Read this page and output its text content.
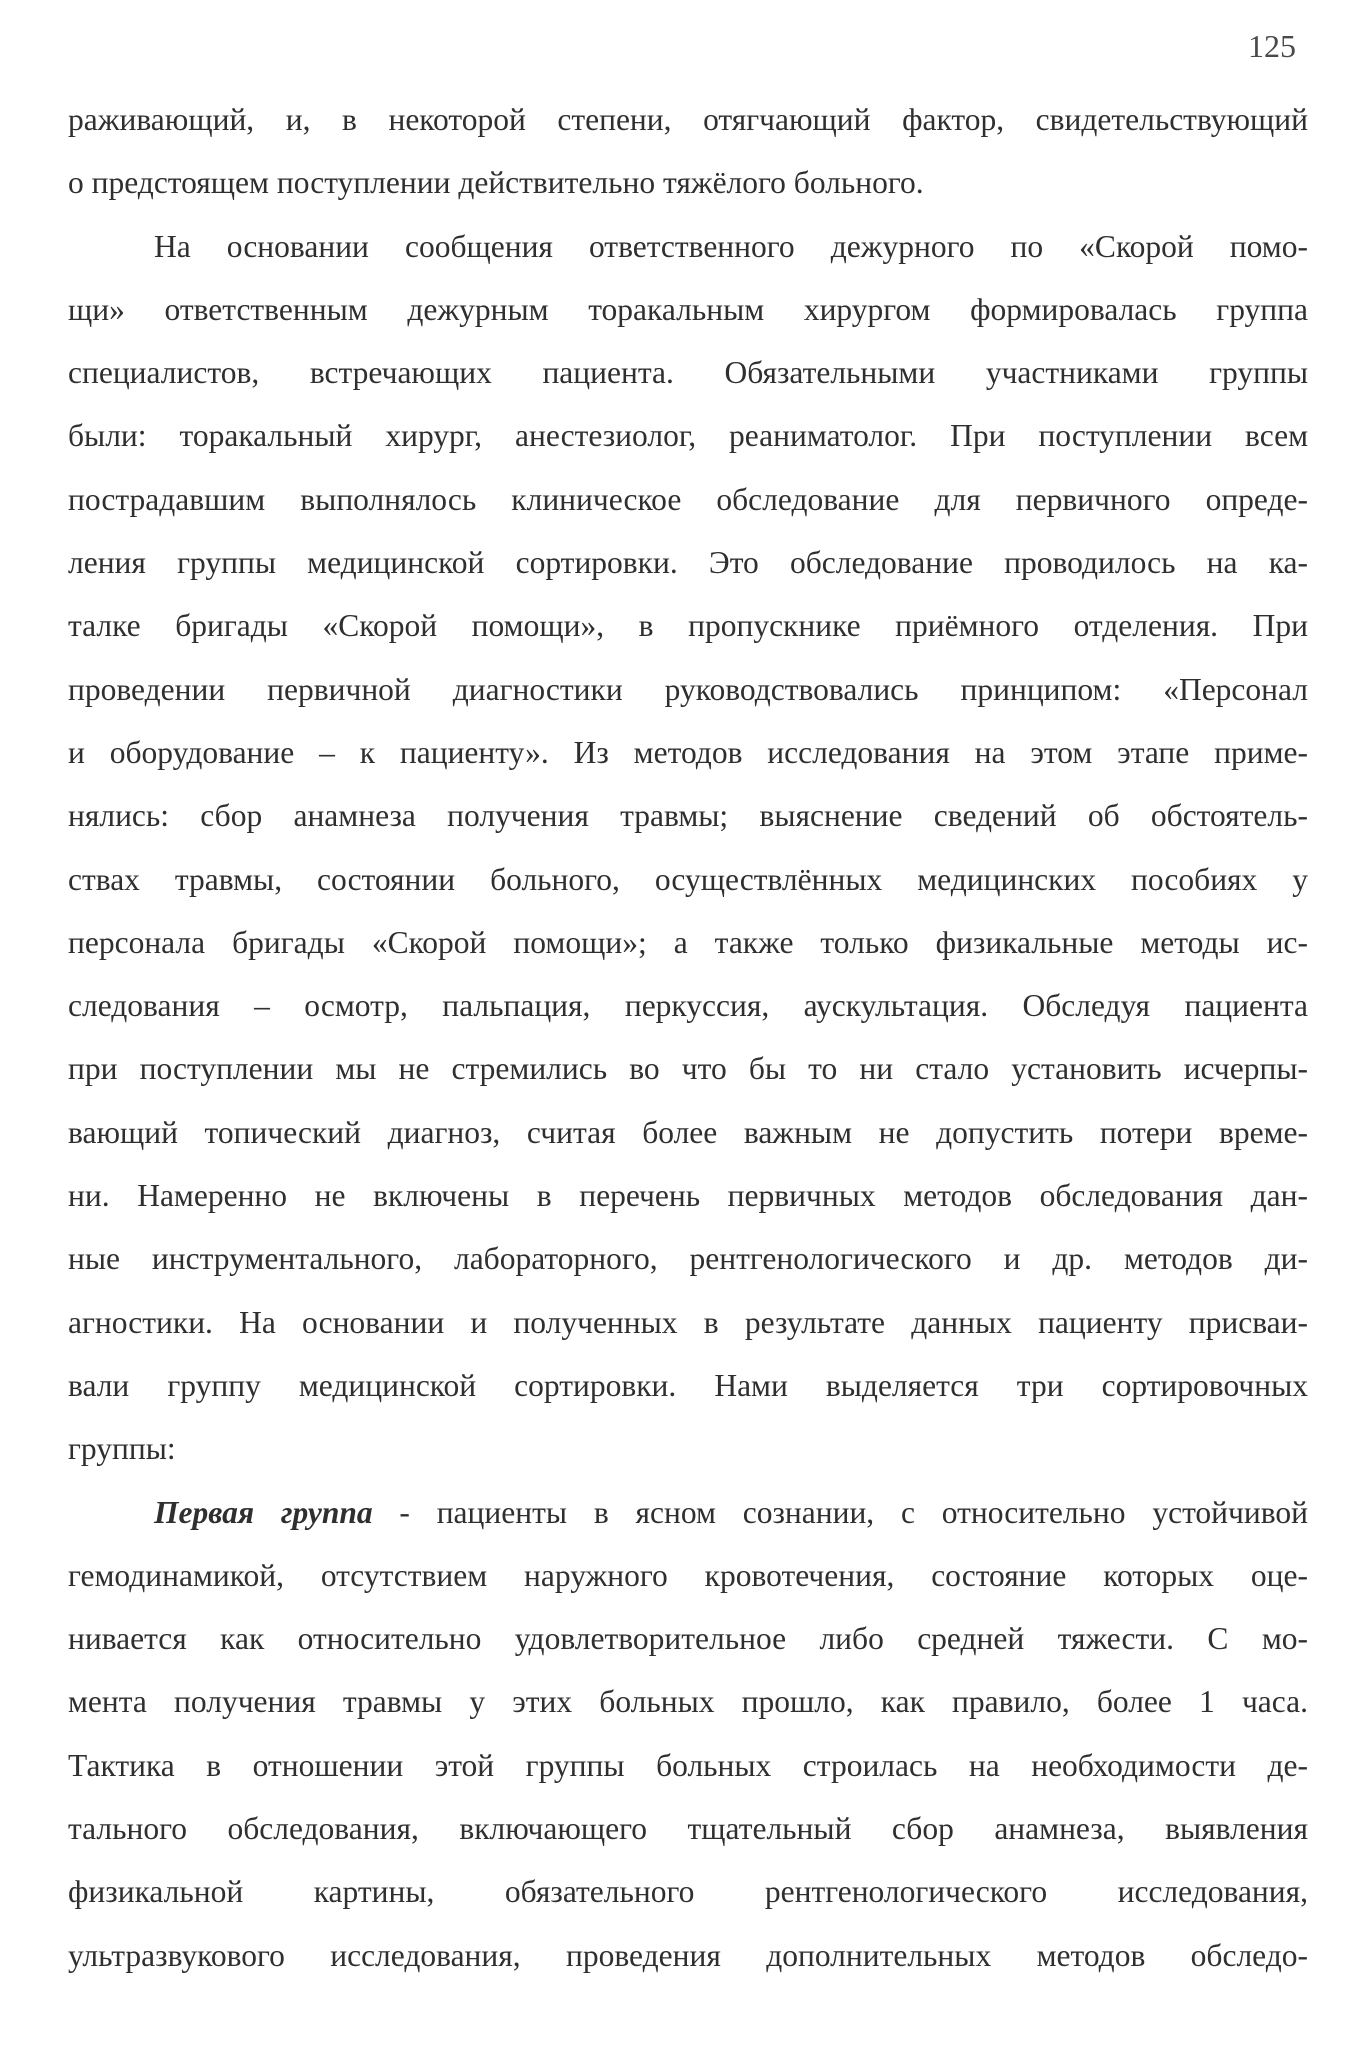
125
раживающий, и, в некоторой степени, отягчающий фактор, свидетельствующий
о предстоящем поступлении действительно тяжёлого больного.
На основании сообщения ответственного дежурного по «Скорой помо-
щи» ответственным дежурным торакальным хирургом формировалась группа
специалистов, встречающих пациента. Обязательными участниками группы
были: торакальный хирург, анестезиолог, реаниматолог. При поступлении всем
пострадавшим выполнялось клиническое обследование для первичного опреде-
ления группы медицинской сортировки. Это обследование проводилось на ка-
талке бригады «Скорой помощи», в пропускнике приёмного отделения. При
проведении первичной диагностики руководствовались принципом: «Персонал
и оборудование – к пациенту». Из методов исследования на этом этапе приме-
нялись: сбор анамнеза получения травмы; выяснение сведений об обстоятель-
ствах травмы, состоянии больного, осуществлённых медицинских пособиях у
персонала бригады «Скорой помощи»; а также только физикальные методы ис-
следования – осмотр, пальпация, перкуссия, аускультация. Обследуя пациента
при поступлении мы не стремились во что бы то ни стало установить исчерпы-
вающий топический диагноз, считая более важным не допустить потери време-
ни. Намеренно не включены в перечень первичных методов обследования дан-
ные инструментального, лабораторного, рентгенологического и др. методов ди-
агностики. На основании и полученных в результате данных пациенту присваи-
вали группу медицинской сортировки. Нами выделяется три сортировочных
группы:
Первая группа - пациенты в ясном сознании, с относительно устойчивой
гемодинамикой, отсутствием наружного кровотечения, состояние которых оце-
нивается как относительно удовлетворительное либо средней тяжести. С мо-
мента получения травмы у этих больных прошло, как правило, более 1 часа.
Тактика в отношении этой группы больных строилась на необходимости де-
тального обследования, включающего тщательный сбор анамнеза, выявления
физикальной картины, обязательного рентгенологического исследования,
ультразвукового исследования, проведения дополнительных методов обследо-
